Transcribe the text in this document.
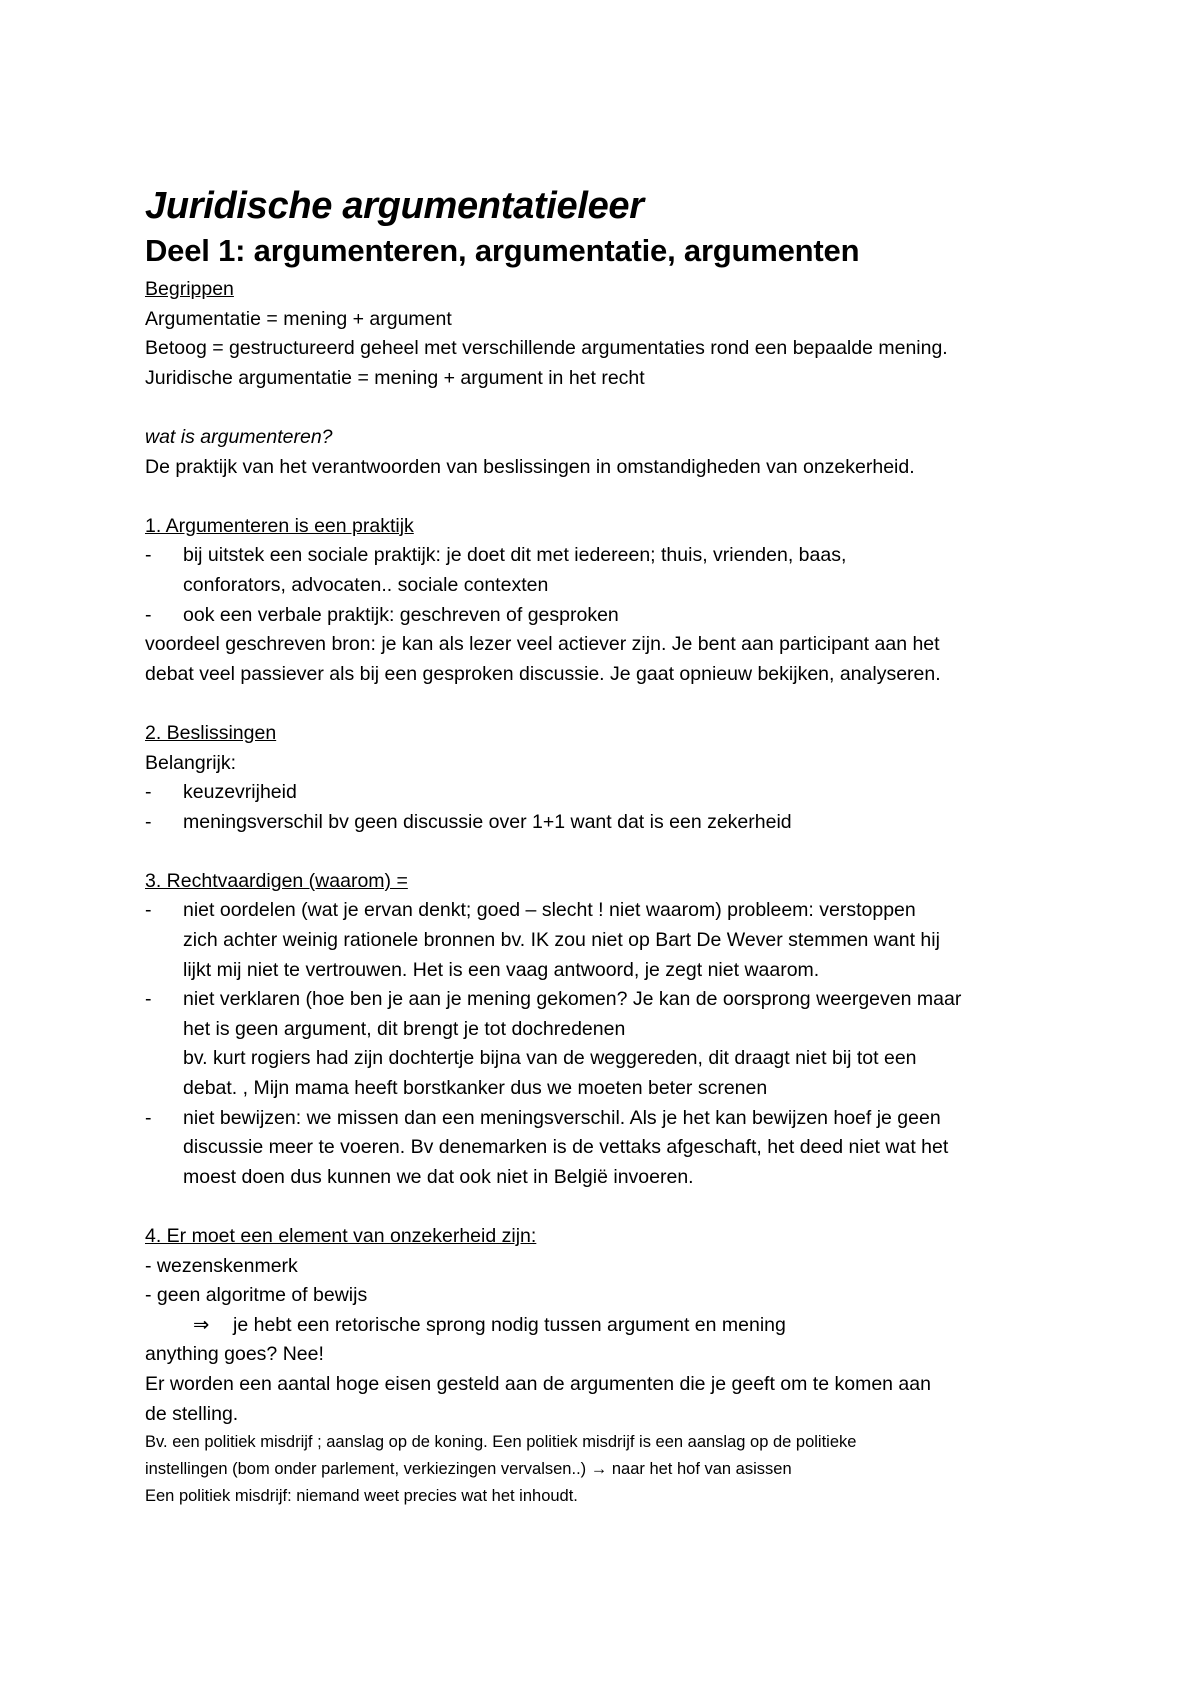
Juridische argumentatieleer
Deel 1: argumenteren, argumentatie, argumenten
Begrippen
Argumentatie = mening + argument
Betoog = gestructureerd geheel met verschillende argumentaties rond een bepaalde mening.
Juridische argumentatie = mening + argument in het recht
wat is argumenteren?
De praktijk van het verantwoorden van beslissingen in omstandigheden van onzekerheid.
1. Argumenteren is een praktijk
- bij uitstek een sociale praktijk: je doet dit met iedereen; thuis, vrienden, baas,
conforators, advocaten.. sociale contexten
- ook een verbale praktijk: geschreven of gesproken
voordeel geschreven bron: je kan als lezer veel actiever zijn. Je bent aan participant aan het
debat veel passiever als bij een gesproken discussie. Je gaat opnieuw bekijken, analyseren.
2. Beslissingen
Belangrijk:
- keuzevrijheid
- meningsverschil bv geen discussie over 1+1 want dat is een zekerheid
3. Rechtvaardigen (waarom) =
- niet oordelen (wat je ervan denkt; goed – slecht ! niet waarom) probleem: verstoppen
zich achter weinig rationele bronnen bv. IK zou niet op Bart De Wever stemmen want hij
lijkt mij niet te vertrouwen. Het is een vaag antwoord, je zegt niet waarom.
- niet verklaren (hoe ben je aan je mening gekomen? Je kan de oorsprong weergeven maar
het is geen argument, dit brengt je tot dochredenen
bv. kurt rogiers had zijn dochtertje bijna van de weggereden, dit draagt niet bij tot een
debat. , Mijn mama heeft borstkanker dus we moeten beter screnen
- niet bewijzen: we missen dan een meningsverschil. Als je het kan bewijzen hoef je geen
discussie meer te voeren. Bv denemarken is de vettaks afgeschaft, het deed niet wat het
moest doen dus kunnen we dat ook niet in België invoeren.
4. Er moet een element van onzekerheid zijn:
- wezenskenmerk
- geen algoritme of bewijs
⇒ je hebt een retorische sprong nodig tussen argument en mening
anything goes? Nee!
Er worden een aantal hoge eisen gesteld aan de argumenten die je geeft om te komen aan
de stelling.
Bv. een politiek misdrijf ; aanslag op de koning. Een politiek misdrijf is een aanslag op de politieke
instellingen (bom onder parlement, verkiezingen vervalsen..) → naar het hof van asissen
Een politiek misdrijf: niemand weet precies wat het inhoudt.
